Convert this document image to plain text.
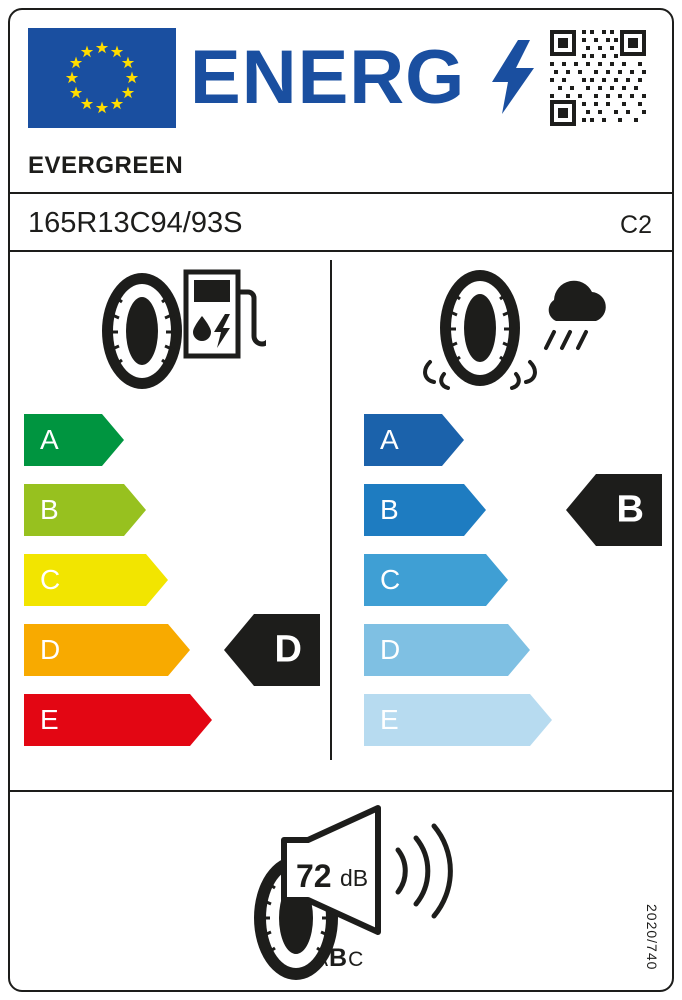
ENERG
EVERGREEN
165R13C94/93S	C2
A
B
C
D
E
D
A
B
C
D
E
B
72 dB
ABC	2020/740
